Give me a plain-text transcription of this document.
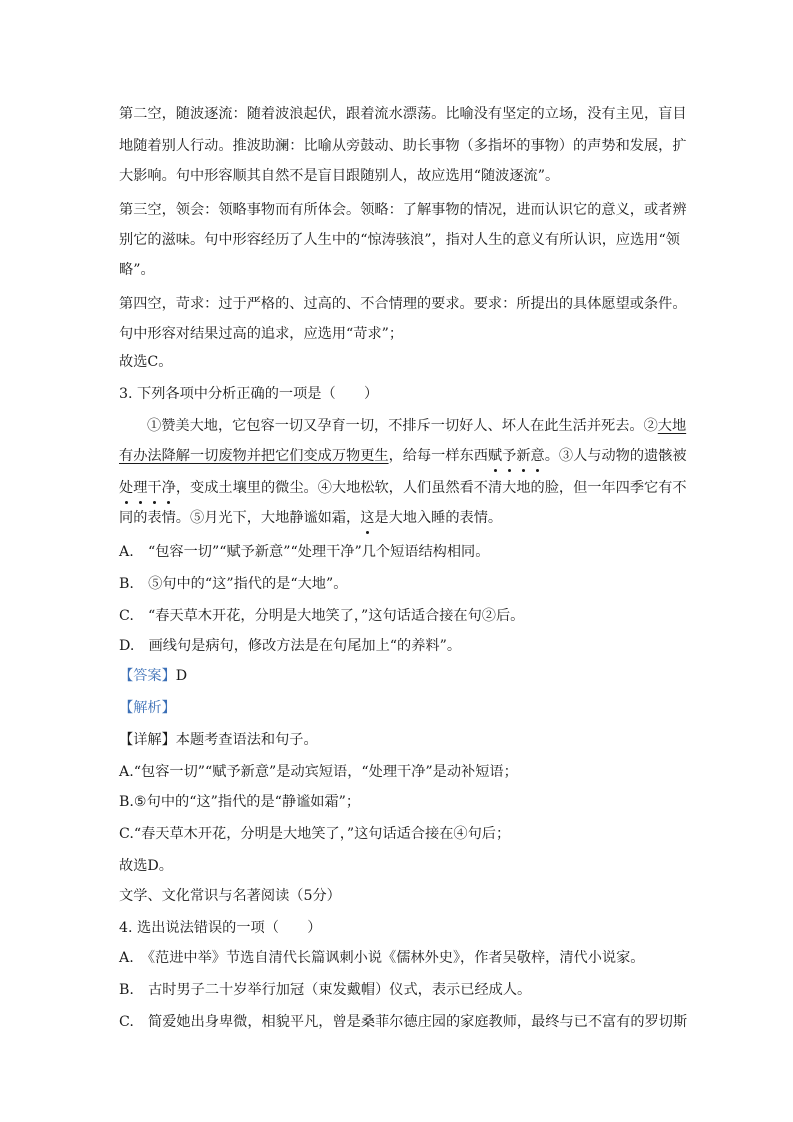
第二空，随波逐流：随着波浪起伏，跟着流水漂荡。比喻没有坚定的立场，没有主见，盲目
地随着别人行动。推波助澜：比喻从旁鼓动、助长事物（多指坏的事物）的声势和发展，扩
大影响。句中形容顺其自然不是盲目跟随别人，故应选用“随波逐流”。
第三空，领会：领略事物而有所体会。领略：了解事物的情况，进而认识它的意义，或者辨
别它的滋味。句中形容经历了人生中的“惊涛骇浪”，指对人生的意义有所认识，应选用“领
略”。
第四空，苛求：过于严格的、过高的、不合情理的要求。要求：所提出的具体愿望或条件。
句中形容对结果过高的追求，应选用“苛求”；
故选C。
3. 下列各项中分析正确的一项是（　　）
①赞美大地，它包容一切又孕育一切，不排斥一切好人、坏人在此生活并死去。②大地
有办法降解一切废物并把它们变成万物更生，给每一样东西赋予新意。③人与动物的遗骸被
处理干净，变成土壤里的微尘。④大地松软，人们虽然看不清大地的脸，但一年四季它有不
同的表情。⑤月光下，大地静谧如霜，这是大地入睡的表情。
A.　“包容一切”“赋予新意”“处理干净”几个短语结构相同。
B.　⑤句中的“这”指代的是“大地”。
C.　“春天草木开花，分明是大地笑了，”这句话适合接在句②后。
D.　画线句是病句，修改方法是在句尾加上“的养料”。
【答案】D
【解析】
【详解】本题考查语法和句子。
A.“包容一切”“赋予新意”是动宾短语，“处理干净”是动补短语；
B.⑤句中的“这”指代的是“静谧如霜”；
C.“春天草木开花，分明是大地笑了，”这句话适合接在④句后；
故选D。
文学、文化常识与名著阅读（5分）
4. 选出说法错误的一项（　　）
A.　《范进中举》节选自清代长篇讽刺小说《儒林外史》，作者吴敬梓，清代小说家。
B.　古时男子二十岁举行加冠（束发戴帽）仪式，表示已经成人。
C.　简爱她出身卑微，相貌平凡，曾是桑菲尔德庄园的家庭教师，最终与已不富有的罗切斯
